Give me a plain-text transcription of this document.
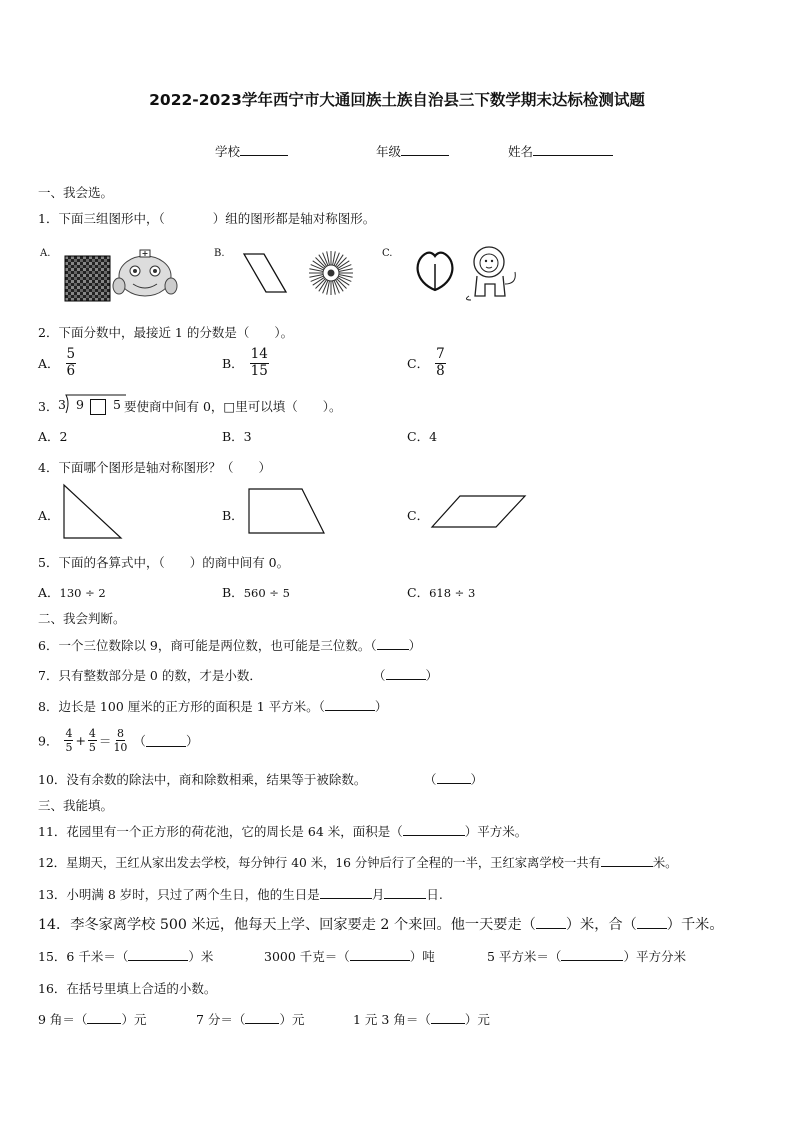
2022-2023学年西宁市大通回族土族自治县三下数学期末达标检测试题
学校	年级	姓名
一、我会选。
1．下面三组图形中，（	）组的图形都是轴对称图形。
A.	B.	C.
2．下面分数中，最接近 1 的分数是（　　）。
A． $\frac{5}{6}$	B． $\frac{14}{15}$	C． $\frac{7}{8}$
3． 3 9 5 要使商中间有 0，□里可以填（　　）。
A．2	B．3	C．4
4．下面哪个图形是轴对称图形？（　　）
A．	B．	C．
5．下面的各算式中，（　　）的商中间有 0。
A．130 ÷ 2	B．560 ÷ 5	C．618 ÷ 3
二、我会判断。
6．一个三位数除以 9，商可能是两位数，也可能是三位数。（	）
7．只有整数部分是 0 的数，才是小数．	（	）
8．边长是 100 厘米的正方形的面积是 1 平方米。（	）
9． $\frac{4}{5} + \frac{4}{5} = \frac{8}{10}$ （	）
10．没有余数的除法中，商和除数相乘，结果等于被除数。	（	）
三、我能填。
11．花园里有一个正方形的荷花池，它的周长是 64 米，面积是（	）平方米。
12．星期天，王红从家出发去学校，每分钟行 40 米，16 分钟后行了全程的一半，王红家离学校一共有	米。
13．小明满 8 岁时，只过了两个生日，他的生日是	月	日.
14．李冬家离学校 500 米远，他每天上学、回家要走 2 个来回。他一天要走（ ）米，合（ ）千米。
15．6 千米＝（	）米	3000 千克＝（	）吨	5 平方米＝（	）平方分米
16．在括号里填上合适的小数。
9 角＝（	）元	7 分＝（	）元	1 元 3 角＝（	）元
